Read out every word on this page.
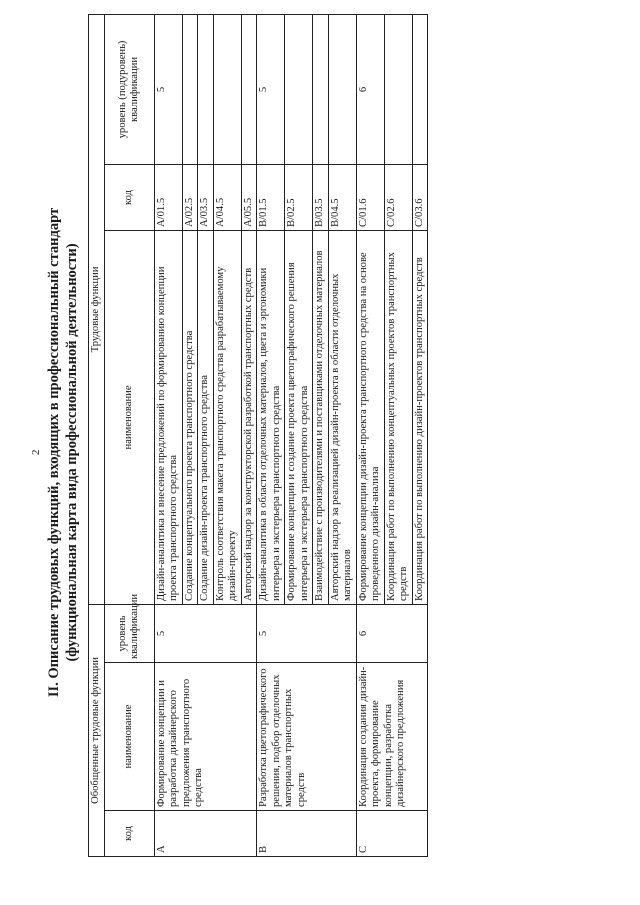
2 II. Описание трудовых функций, входящих в профессиональный стандарт (функциональная карта вида профессиональной деятельности)
Обобщенные трудовые функции			Трудовые функции		
код	наименование	уровень квалификации	наименование	код	уровень (подуровень) квалификации
A	Формирование концепции и разработка дизайнерского предложения транспортного средства	5	Дизайн-аналитика и внесение предложений по формированию концепции проекта транспортного средства	A/01.5	5
			Создание концептуального проекта транспортного средства	A/02.5	
			Создание дизайн-проекта транспортного средства	A/03.5	
			Контроль соответствия макета транспортного средства разрабатываемому дизайн-проекту	A/04.5	
			Авторский надзор за конструкторской разработкой транспортных средств	A/05.5	
B	Разработка цветографического решения, подбор отделочных материалов транспортных средств	5	Дизайн-аналитика в области отделочных материалов, цвета и эргономики интерьера и экстерьера транспортного средства	B/01.5	5
			Формирование концепции и создание проекта цветографического решения интерьера и экстерьера транспортного средства	B/02.5	
			Взаимодействие с производителями и поставщиками отделочных материалов	B/03.5	
			Авторский надзор за реализацией дизайн-проекта в области отделочных материалов	B/04.5	
C	Координация создания дизайн-проекта, формирование концепции, разработка дизайнерского предложения	6	Формирование концепции дизайн-проекта транспортного средства на основе проведенного дизайн-анализа	C/01.6	6
			Координация работ по выполнению концептуальных проектов транспортных средств	C/02.6	
			Координация работ по выполнению дизайн-проектов транспортных средств	C/03.6	
